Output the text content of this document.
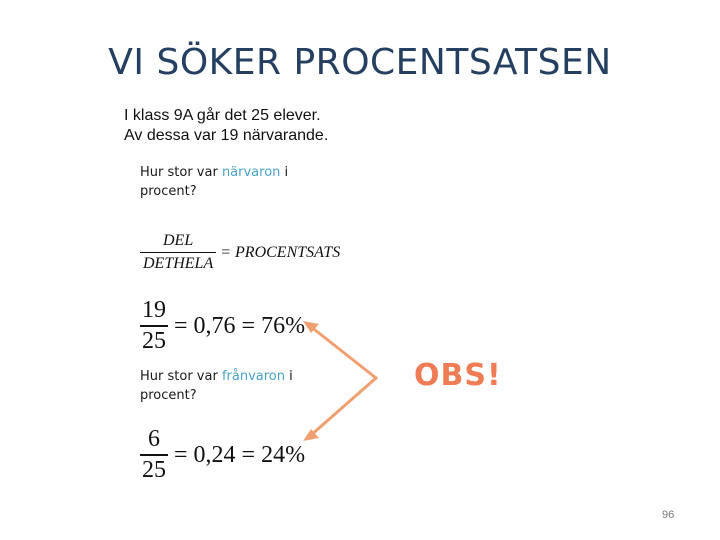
VI SÖKER PROCENTSATSEN
I klass 9A går det 25 elever.
Av dessa var 19 närvarande.
Hur stor var närvaron i
procent?
$\frac{\text{DEL}}{\text{DETHELA}}$ = PROCENTSATS
$\frac{19}{25} = 0,76 = 76\%$
Hur stor var frånvaron i
procent?
$\frac{6}{25} = 0,24 = 24\%$
OBS!
96
